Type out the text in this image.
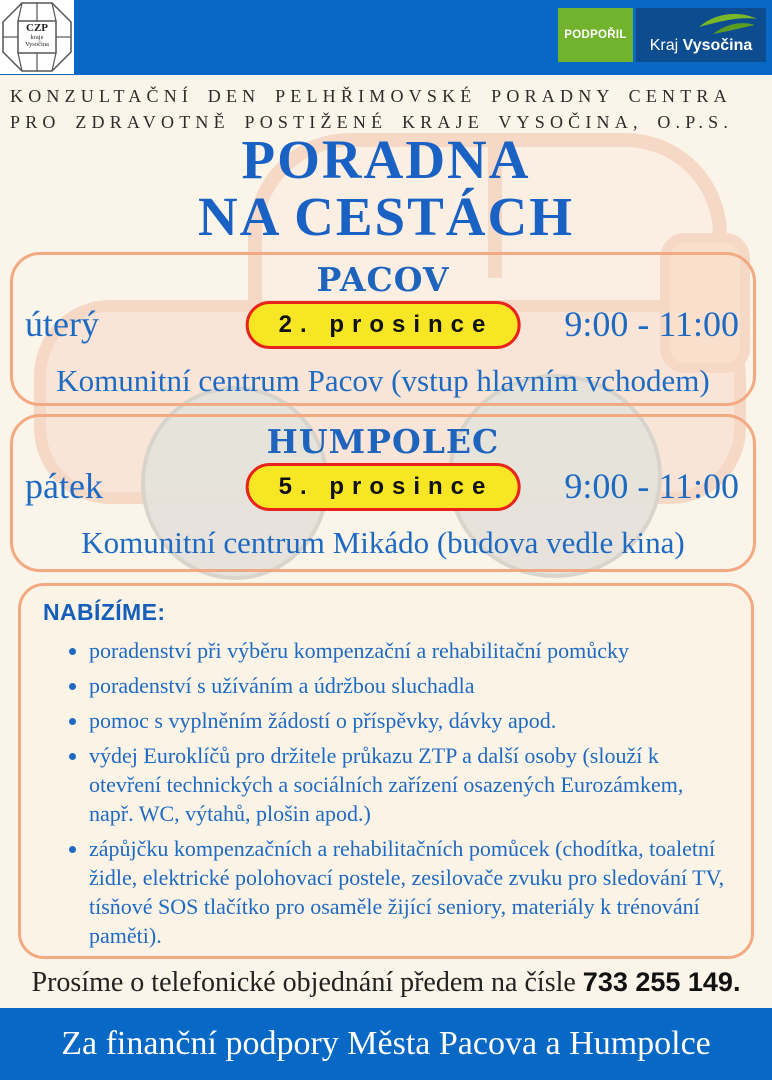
CZP
kraje
Vysočina
PODPOŘIL
Kraj Vysočina
KONZULTAČNÍ DEN PELHŘIMOVSKÉ PORADNY CENTRA
PRO ZDRAVOTNĚ POSTIŽENÉ KRAJE VYSOČINA, O.P.S.
PORADNA
NA CESTÁCH
PACOV
úterý	2. prosince	9:00 - 11:00
Komunitní centrum Pacov (vstup hlavním vchodem)
HUMPOLEC
pátek	5. prosince	9:00 - 11:00
Komunitní centrum Mikádo (budova vedle kina)
NABÍZÍME:
• poradenství při výběru kompenzační a rehabilitační pomůcky
• poradenství s užíváním a údržbou sluchadla
• pomoc s vyplněním žádostí o příspěvky, dávky apod.
• výdej Euroklíčů pro držitele průkazu ZTP a další osoby (slouží k otevření technických a sociálních zařízení osazených Eurozámkem, např. WC, výtahů, plošin apod.)
• zápůjčku kompenzačních a rehabilitačních pomůcek (chodítka, toaletní židle, elektrické polohovací postele, zesilovače zvuku pro sledování TV, tísňové SOS tlačítko pro osaměle žijící seniory, materiály k trénování paměti).
Prosíme o telefonické objednání předem na čísle 733 255 149.
Za finanční podpory Města Pacova a Humpolce
